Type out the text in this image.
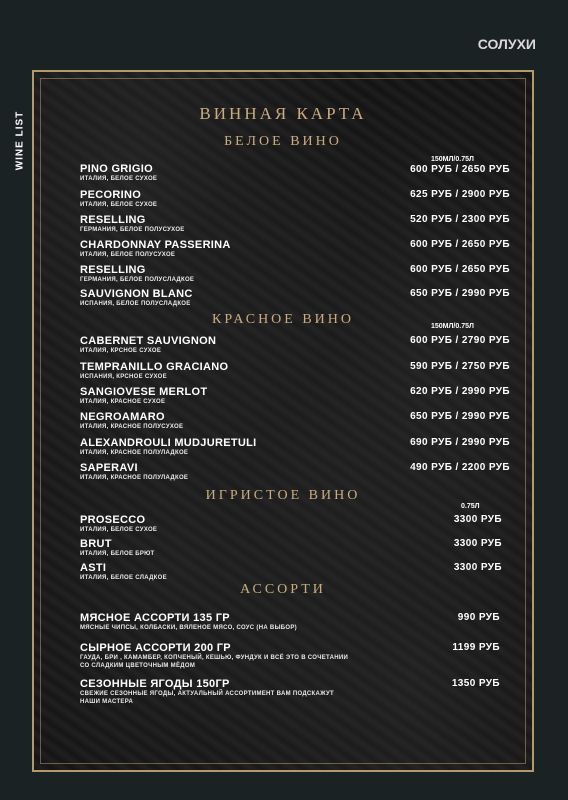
WINE LIST
СОЛУХИ
ВИННАЯ КАРТА
БЕЛОЕ ВИНО
150МЛ/0.75Л
PINO GRIGIO
ИТАЛИЯ, БЕЛОЕ СУХОЕ
600 РУБ / 2650 РУБ
PECORINO
ИТАЛИЯ, БЕЛОЕ СУХОЕ
625 РУБ / 2900 РУБ
RESELLING
ГЕРМАНИЯ, БЕЛОЕ ПОЛУСУХОЕ
520 РУБ / 2300 РУБ
CHARDONNAY PASSERINA
ИТАЛИЯ, БЕЛОЕ ПОЛУСУХОЕ
600 РУБ / 2650 РУБ
RESELLING
ГЕРМАНИЯ, БЕЛОЕ ПОЛУСЛАДКОЕ
600 РУБ / 2650 РУБ
SAUVIGNON BLANC
ИСПАНИЯ, БЕЛОЕ ПОЛУСЛАДКОЕ
650 РУБ / 2990 РУБ
КРАСНОЕ ВИНО	150МЛ/0.75Л
CABERNET SAUVIGNON
ИТАЛИЯ, КРСНОЕ СУХОЕ
600 РУБ / 2790 РУБ
TEMPRANILLO GRACIANO
ИСПАНИЯ, КРСНОЕ СУХОЕ
590 РУБ / 2750 РУБ
SANGIOVESE MERLOT
ИТАЛИЯ, КРАСНОЕ СУХОЕ
620 РУБ / 2990 РУБ
NEGROAMARO
ИТАЛИЯ, КРАСНОЕ ПОЛУСУХОЕ
650 РУБ / 2990 РУБ
ALEXANDROULI MUDJURETULI
ИТАЛИЯ, КРАСНОЕ ПОЛУЛАДКОЕ
690 РУБ / 2990 РУБ
SAPERAVI
ИТАЛИЯ, КРАСНОЕ ПОЛУЛАДКОЕ
490 РУБ / 2200 РУБ
ИГРИСТОЕ ВИНО
0.75Л
PROSECCO
ИТАЛИЯ, БЕЛОЕ СУХОЕ
3300 РУБ
BRUT
ИТАЛИЯ, БЕЛОЕ БРЮТ
3300 РУБ
ASTI
ИТАЛИЯ, БЕЛОЕ СЛАДКОЕ
3300 РУБ
АССОРТИ
МЯСНОЕ АССОРТИ 135 ГР
МЯСНЫЕ ЧИПСЫ, КОЛБАСКИ, ВЯЛЕНОЕ МЯСО, СОУС (НА ВЫБОР)
990 РУБ
СЫРНОЕ АССОРТИ 200 ГР
ГАУДА, БРИ , КАМАМБЕР, КОПЧЕНЫЙ, КЕШЬЮ, ФУНДУК И ВСЁ ЭТО В СОЧЕТАНИИ
СО СЛАДКИМ ЦВЕТОЧНЫМ МЁДОМ
1199 РУБ
СЕЗОННЫЕ ЯГОДЫ 150ГР
СВЕЖИЕ СЕЗОННЫЕ ЯГОДЫ, АКТУАЛЬНЫЙ АССОРТИМЕНТ ВАМ ПОДСКАЖУТ
НАШИ МАСТЕРА
1350 РУБ
